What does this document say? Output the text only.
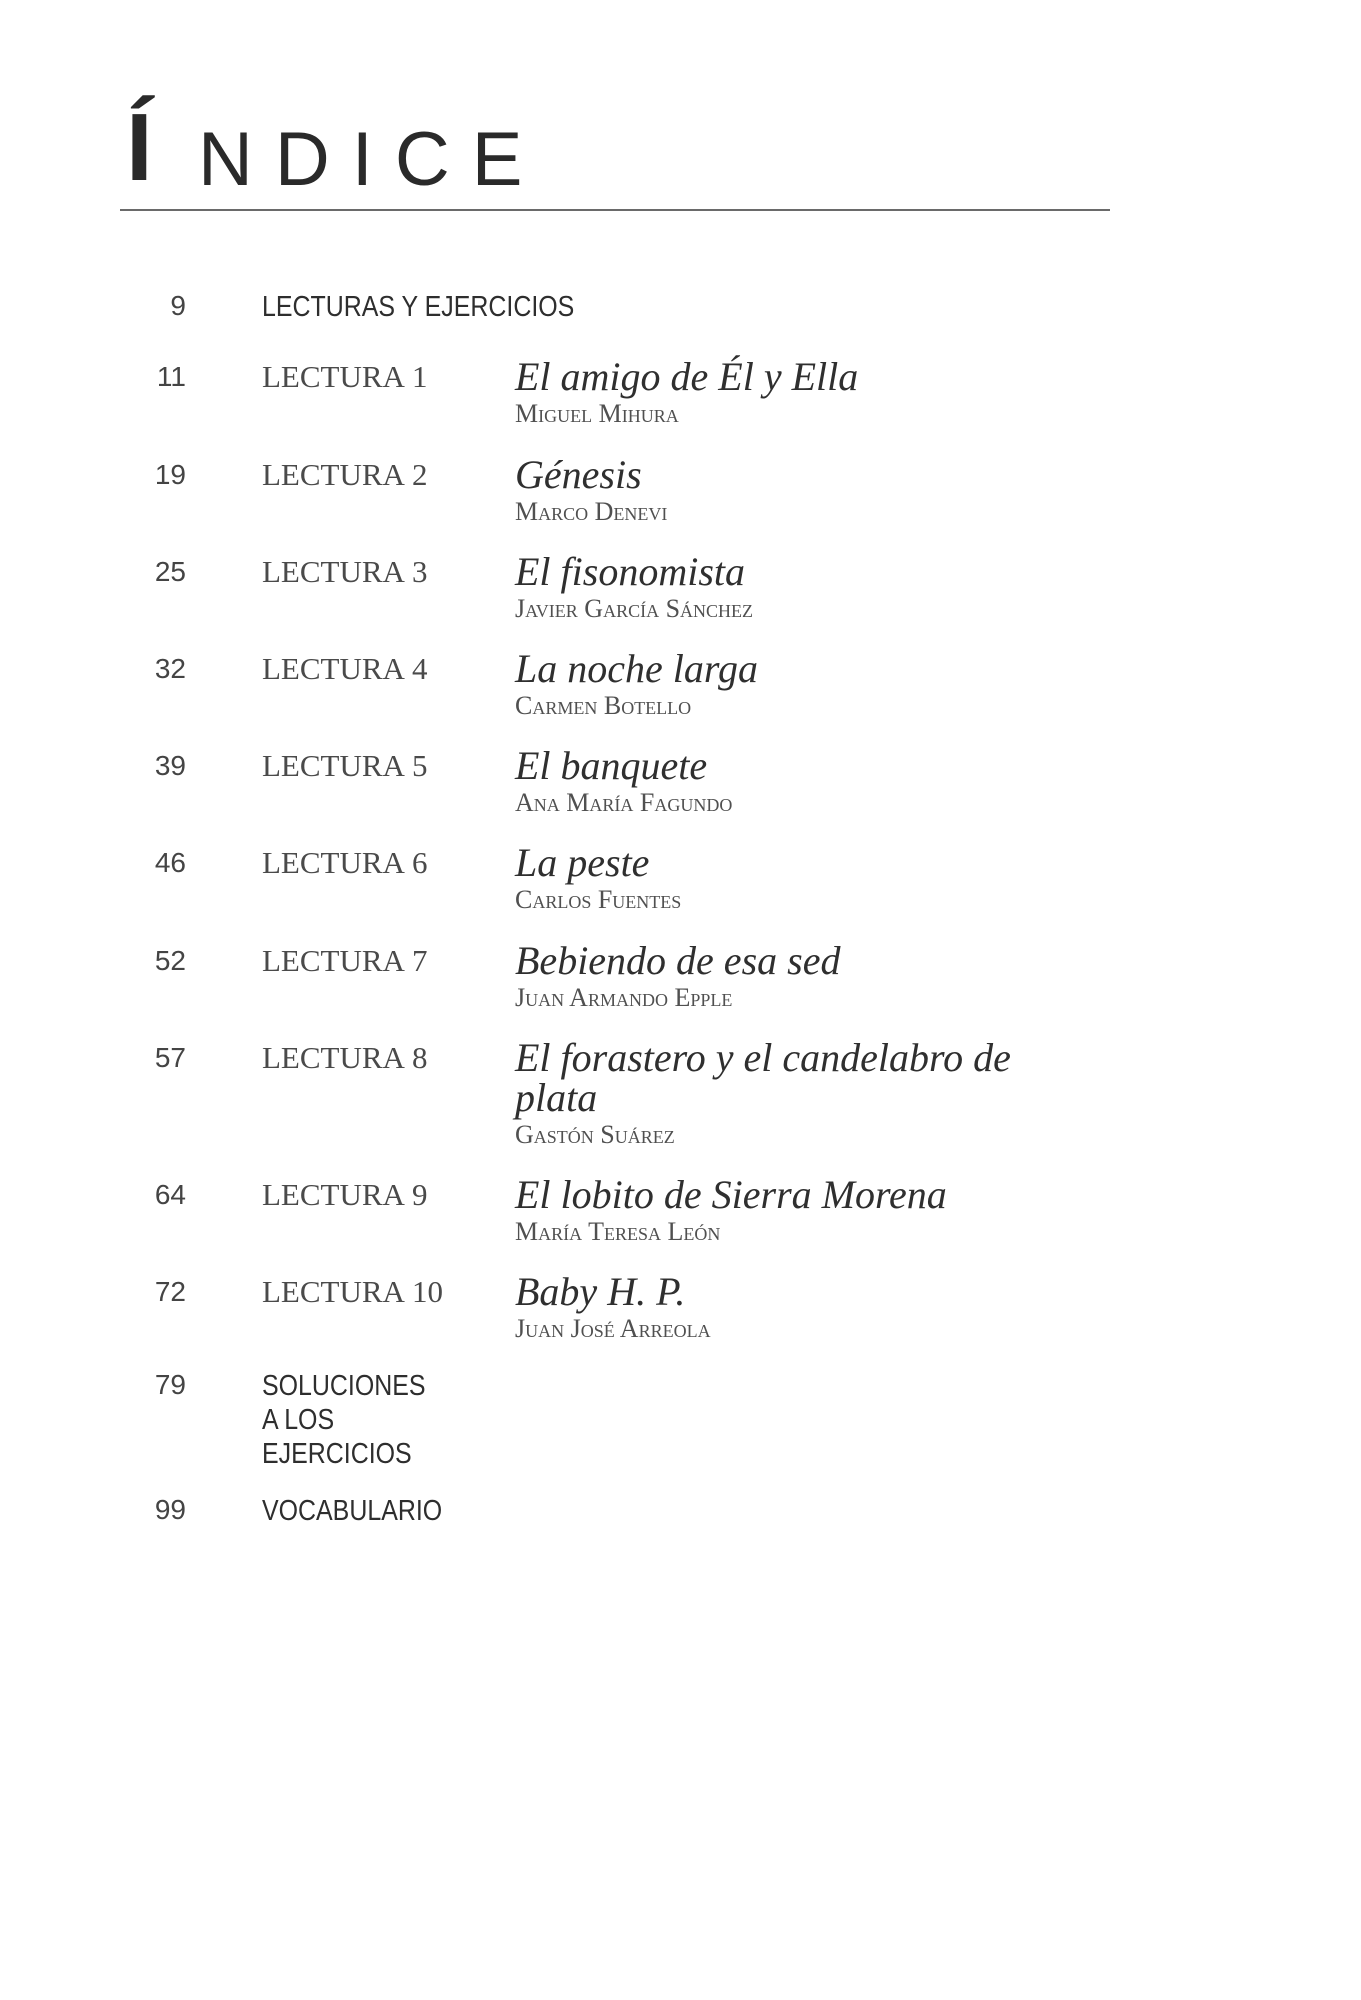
Í NDICE
9	LECTURAS Y EJERCICIOS
11 LECTURA 1 El amigo de Él y Ella
Miguel Mihura
19 LECTURA 2 Génesis
Marco Denevi
25 LECTURA 3 El fisonomista
Javier García Sánchez
32 LECTURA 4 La noche larga
Carmen Botello
39 LECTURA 5 El banquete
Ana María Fagundo
46 LECTURA 6 La peste
Carlos Fuentes
52 LECTURA 7 Bebiendo de esa sed
Juan Armando Epple
57 LECTURA 8 El forastero y el candelabro de plata
Gastón Suárez
64 LECTURA 9 El lobito de Sierra Morena
María Teresa León
72 LECTURA 10 Baby H. P.
Juan José Arreola
79	SOLUCIONES A LOS EJERCICIOS
99	VOCABULARIO
